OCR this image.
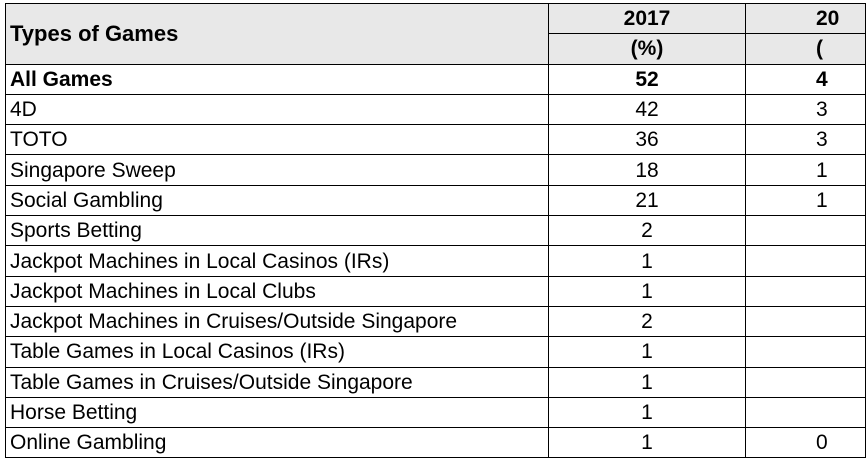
Types of Games	2017	20
	(%)	(
All Games	52	4
4D	42	3
TOTO	36	3
Singapore Sweep	18	1
Social Gambling	21	1
Sports Betting	2	
Jackpot Machines in Local Casinos (IRs)	1	
Jackpot Machines in Local Clubs	1	
Jackpot Machines in Cruises/Outside Singapore	2	
Table Games in Local Casinos (IRs)	1	
Table Games in Cruises/Outside Singapore	1	
Horse Betting	1	
Online Gambling	1	0
